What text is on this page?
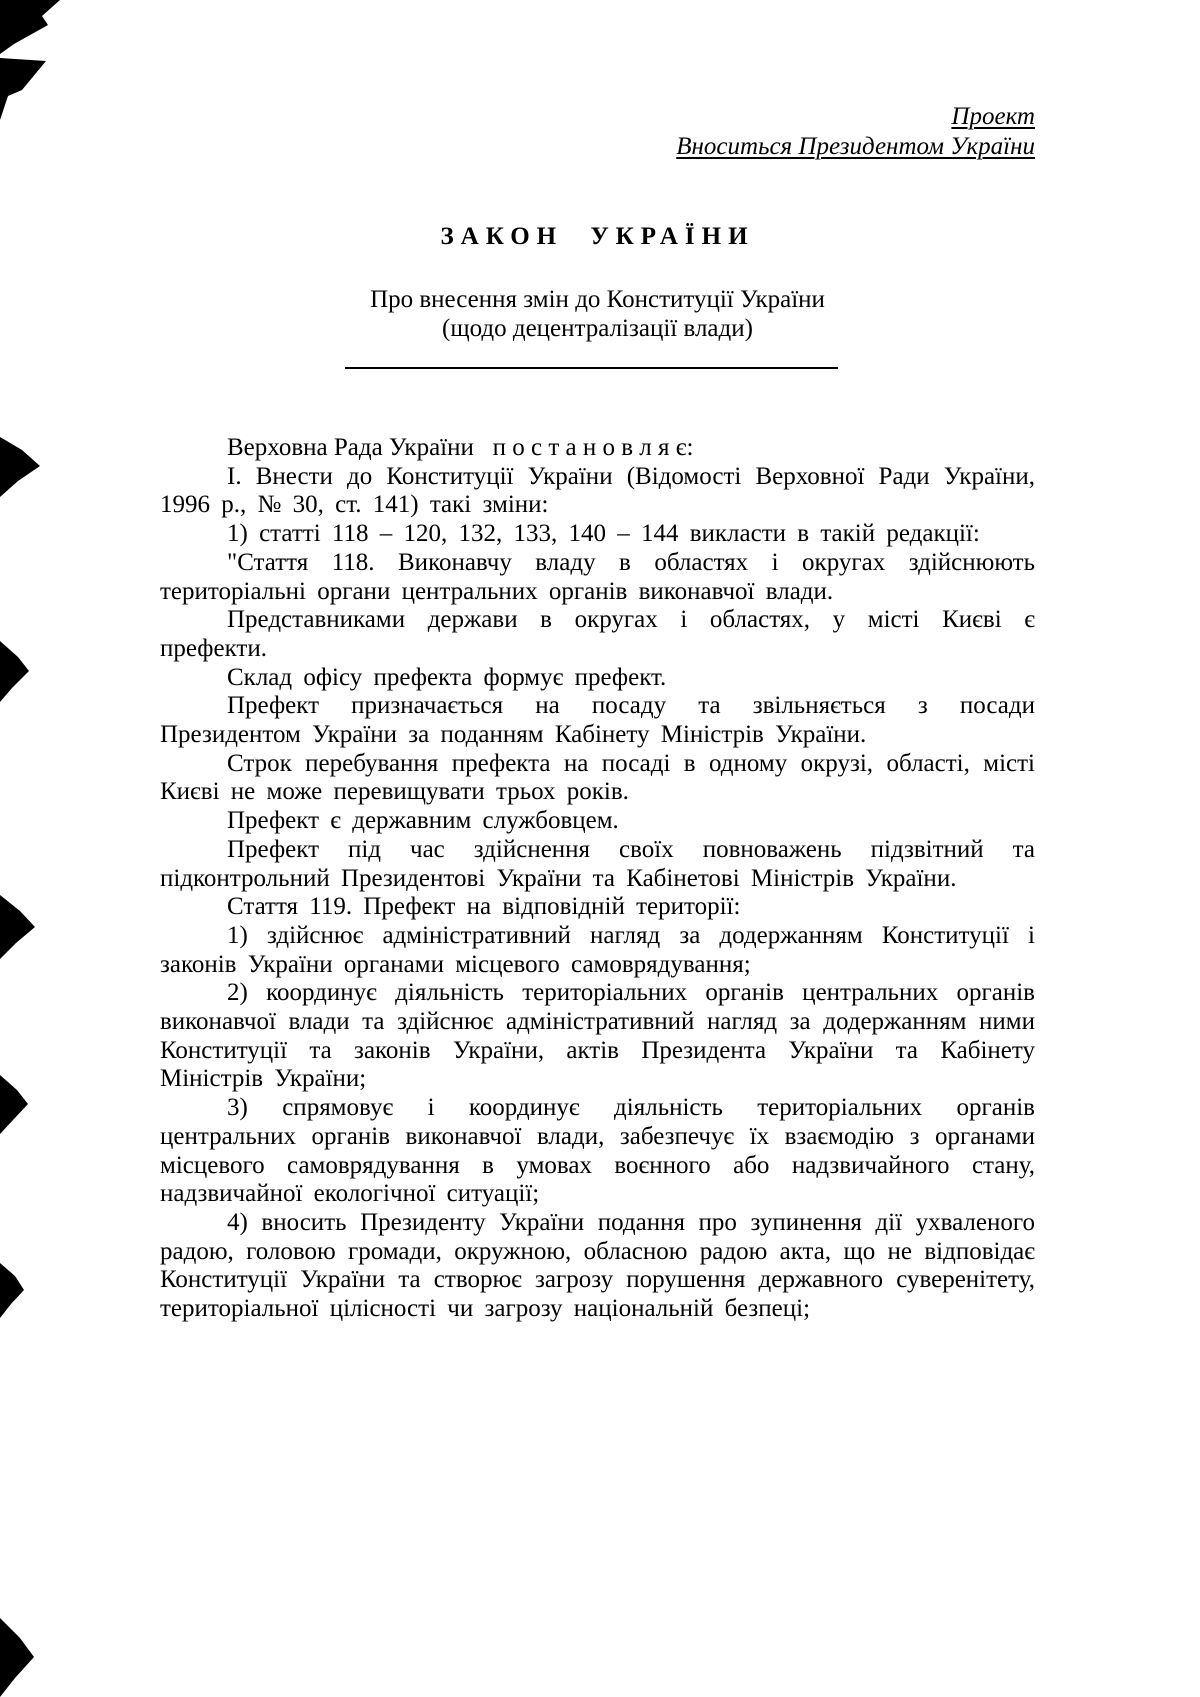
Проект
Вноситься Президентом України
ЗАКОН УКРАЇНИ
Про внесення змін до Конституції України
(щодо децентралізації влади)

Верховна Рада України   п о с т а н о в л я є:

І. Внести до Конституції України (Відомості Верховної Ради України, 1996 р., № 30, ст. 141) такі зміни:

1) статті 118 – 120, 132, 133, 140 – 144 викласти в такій редакції:

"Стаття 118. Виконавчу владу в областях і округах здійснюють територіальні органи центральних органів виконавчої влади.

Представниками держави в округах і областях, у місті Києві є префекти.

Склад офісу префекта формує префект.

Префект призначається на посаду та звільняється з посади Президентом України за поданням Кабінету Міністрів України.

Строк перебування префекта на посаді в одному окрузі, області, місті Києві не може перевищувати трьох років.

Префект є державним службовцем.

Префект під час здійснення своїх повноважень підзвітний та підконтрольний Президентові України та Кабінетові Міністрів України.

Стаття 119. Префект на відповідній території:

1) здійснює адміністративний нагляд за додержанням Конституції і законів України органами місцевого самоврядування;

2) координує діяльність територіальних органів центральних органів виконавчої влади та здійснює адміністративний нагляд за додержанням ними Конституції та законів України, актів Президента України та Кабінету Міністрів України;

3) спрямовує і координує діяльність територіальних органів центральних органів виконавчої влади, забезпечує їх взаємодію з органами місцевого самоврядування в умовах воєнного або надзвичайного стану, надзвичайної екологічної ситуації;

4) вносить Президенту України подання про зупинення дії ухваленого радою, головою громади, окружною, обласною радою акта, що не відповідає Конституції України та створює загрозу порушення державного суверенітету, територіальної цілісності чи загрозу національній безпеці;
